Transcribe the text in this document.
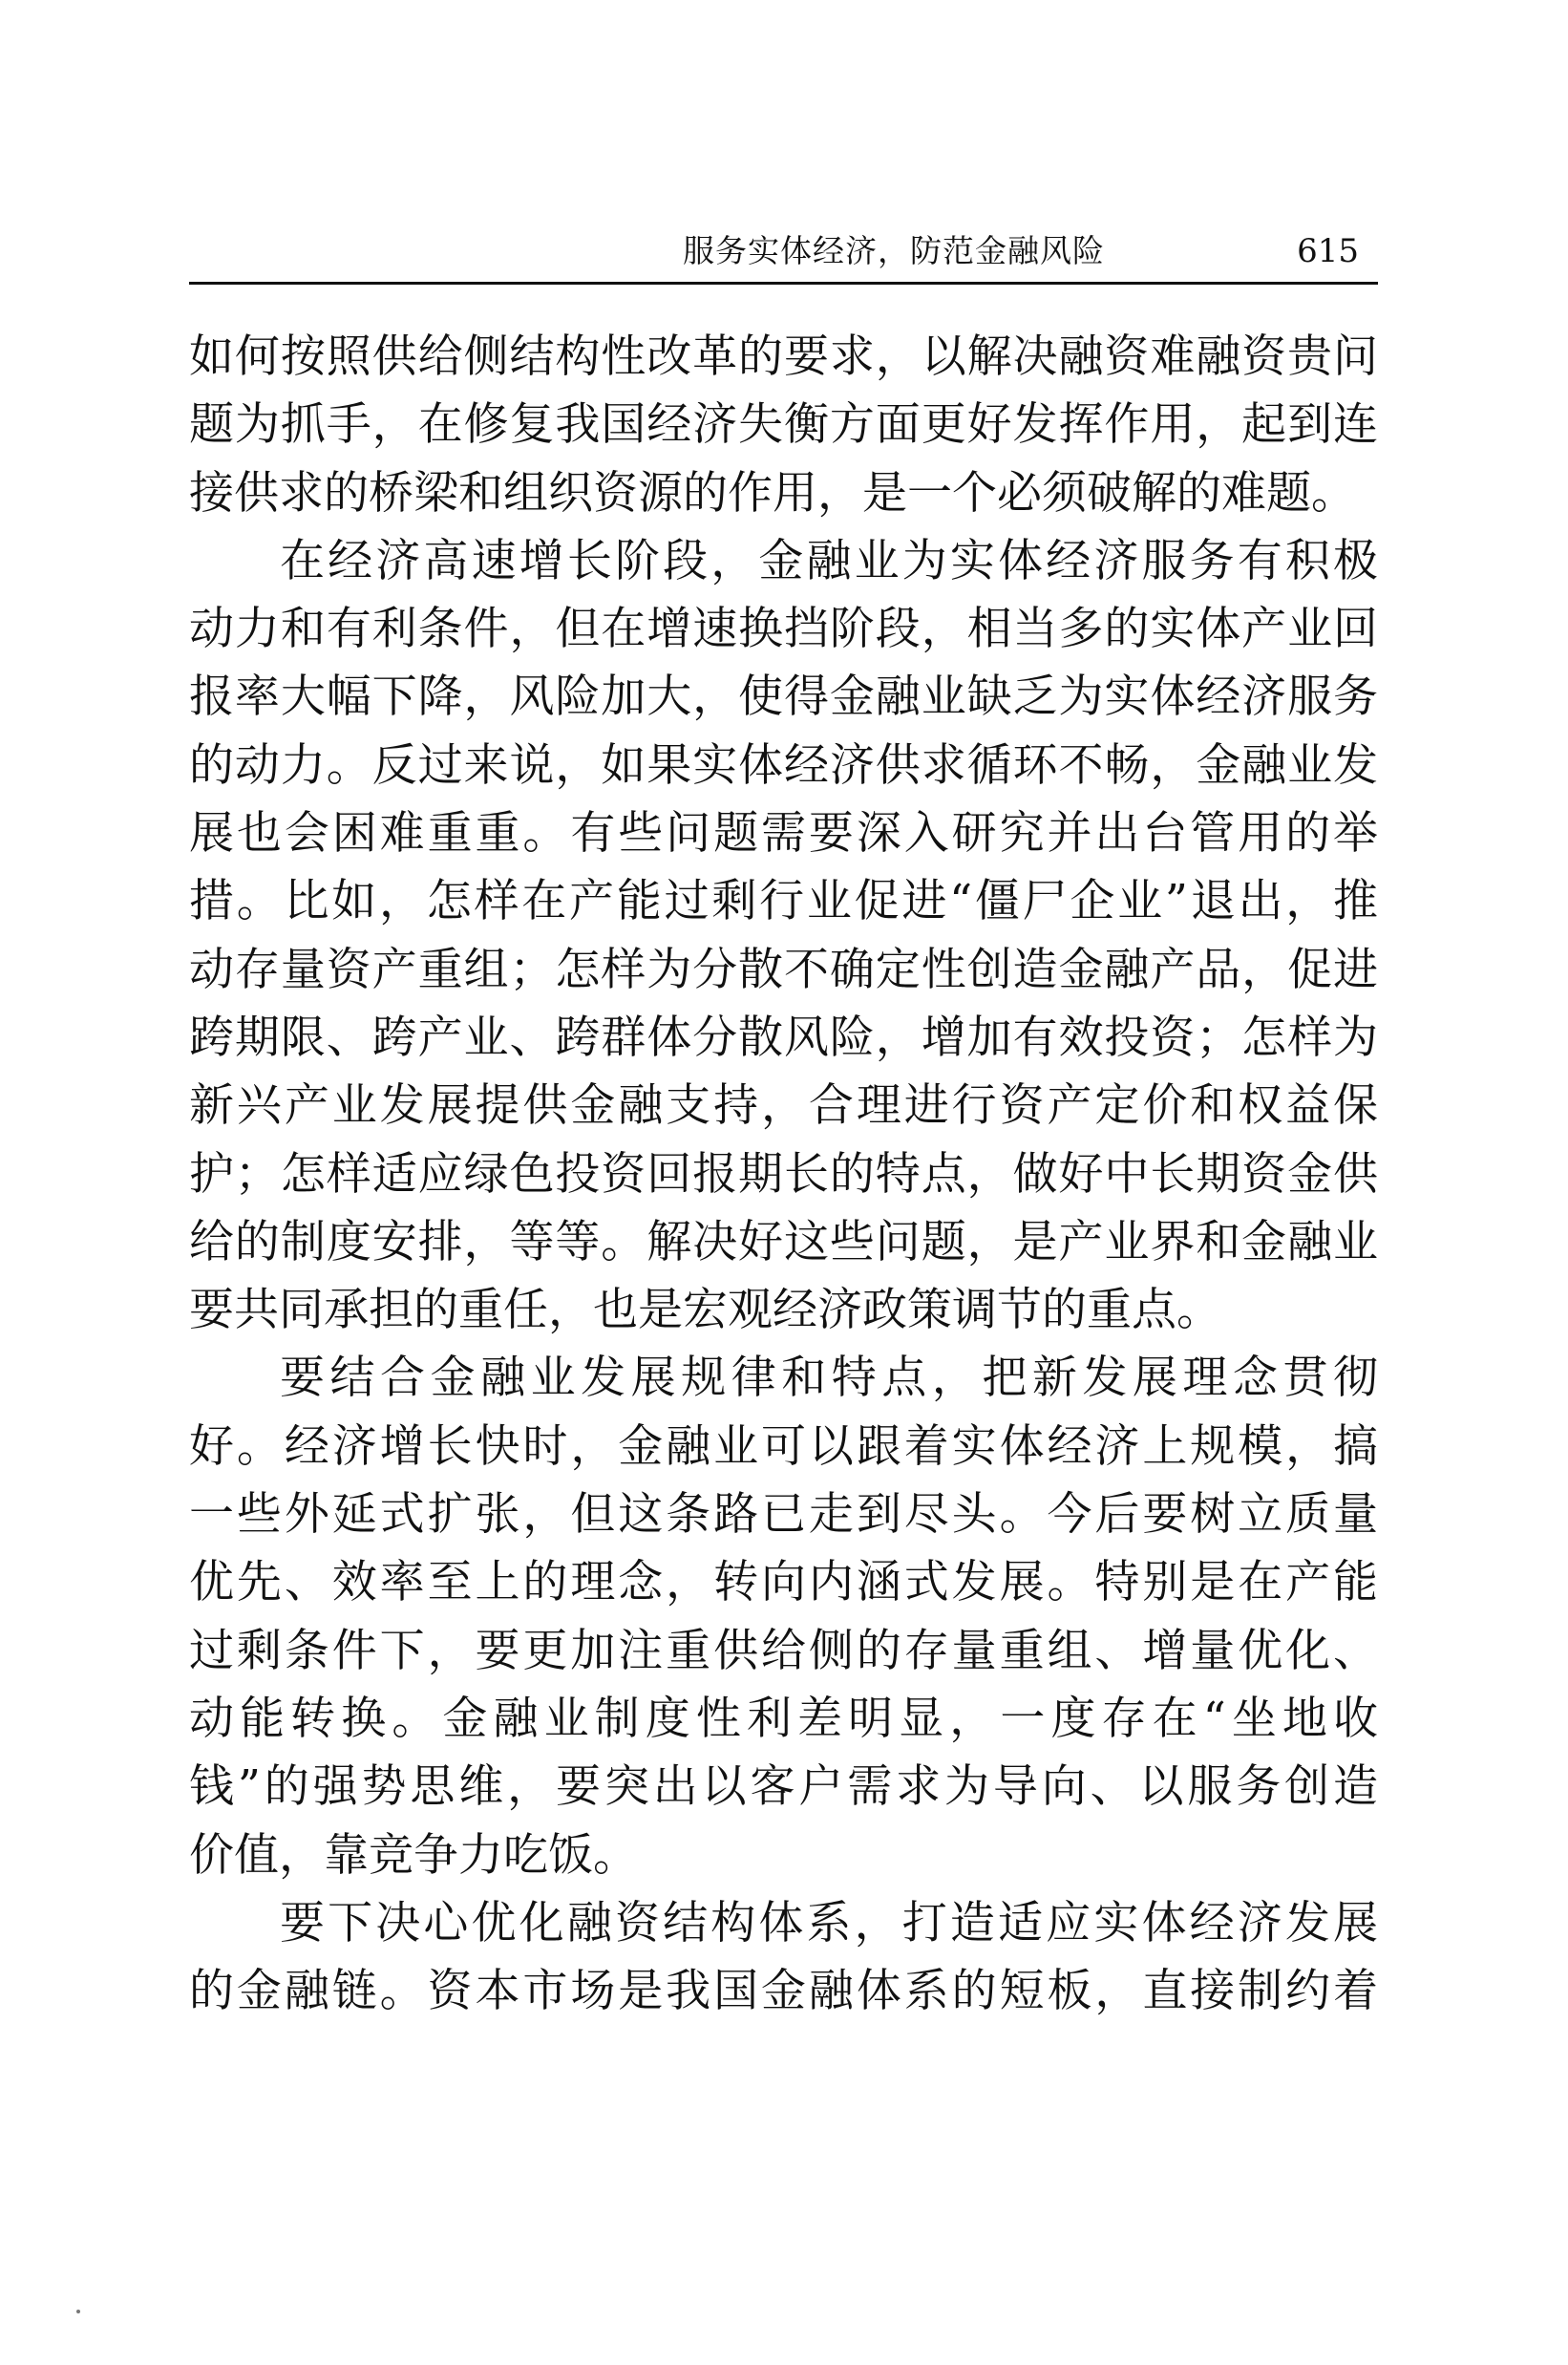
服务实体经济，防范金融风险	615
如何按照供给侧结构性改革的要求，以解决融资难融资贵问
题为抓手，在修复我国经济失衡方面更好发挥作用，起到连
接供求的桥梁和组织资源的作用，是一个必须破解的难题。
在经济高速增长阶段，金融业为实体经济服务有积极
动力和有利条件，但在增速换挡阶段，相当多的实体产业回
报率大幅下降，风险加大，使得金融业缺乏为实体经济服务
的动力。反过来说，如果实体经济供求循环不畅，金融业发
展也会困难重重。有些问题需要深入研究并出台管用的举
措。比如，怎样在产能过剩行业促进“僵尸企业”退出，推
动存量资产重组；怎样为分散不确定性创造金融产品，促进
跨期限、跨产业、跨群体分散风险，增加有效投资；怎样为
新兴产业发展提供金融支持，合理进行资产定价和权益保
护；怎样适应绿色投资回报期长的特点，做好中长期资金供
给的制度安排，等等。解决好这些问题，是产业界和金融业
要共同承担的重任，也是宏观经济政策调节的重点。
要结合金融业发展规律和特点，把新发展理念贯彻
好。经济增长快时，金融业可以跟着实体经济上规模，搞
一些外延式扩张，但这条路已走到尽头。今后要树立质量
优先、效率至上的理念，转向内涵式发展。特别是在产能
过剩条件下，要更加注重供给侧的存量重组、增量优化、
动能转换。金融业制度性利差明显，一度存在“坐地收
钱”的强势思维，要突出以客户需求为导向、以服务创造
价值，靠竞争力吃饭。
要下决心优化融资结构体系，打造适应实体经济发展
的金融链。资本市场是我国金融体系的短板，直接制约着
